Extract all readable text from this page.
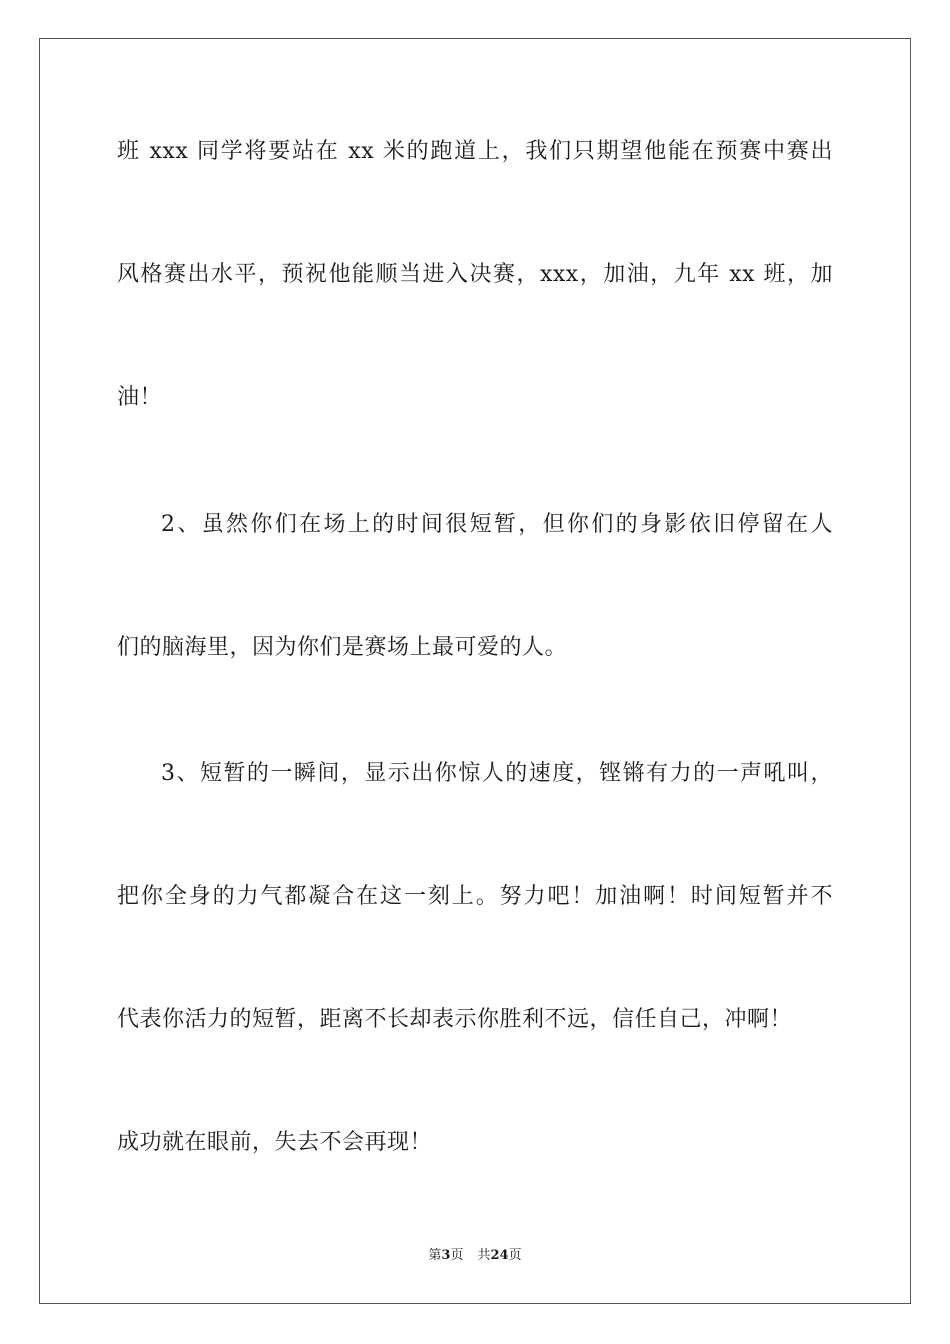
班 xxx 同学将要站在 xx 米的跑道上，我们只期望他能在预赛中赛出
风格赛出水平，预祝他能顺当进入决赛，xxx，加油，九年 xx 班，加
油！
2、虽然你们在场上的时间很短暂，但你们的身影依旧停留在人
们的脑海里，因为你们是赛场上最可爱的人。
3、短暂的一瞬间，显示出你惊人的速度，铿锵有力的一声吼叫，
把你全身的力气都凝合在这一刻上。努力吧！加油啊！时间短暂并不
代表你活力的短暂，距离不长却表示你胜利不远，信任自己，冲啊！
成功就在眼前，失去不会再现！
第3页 共24页
